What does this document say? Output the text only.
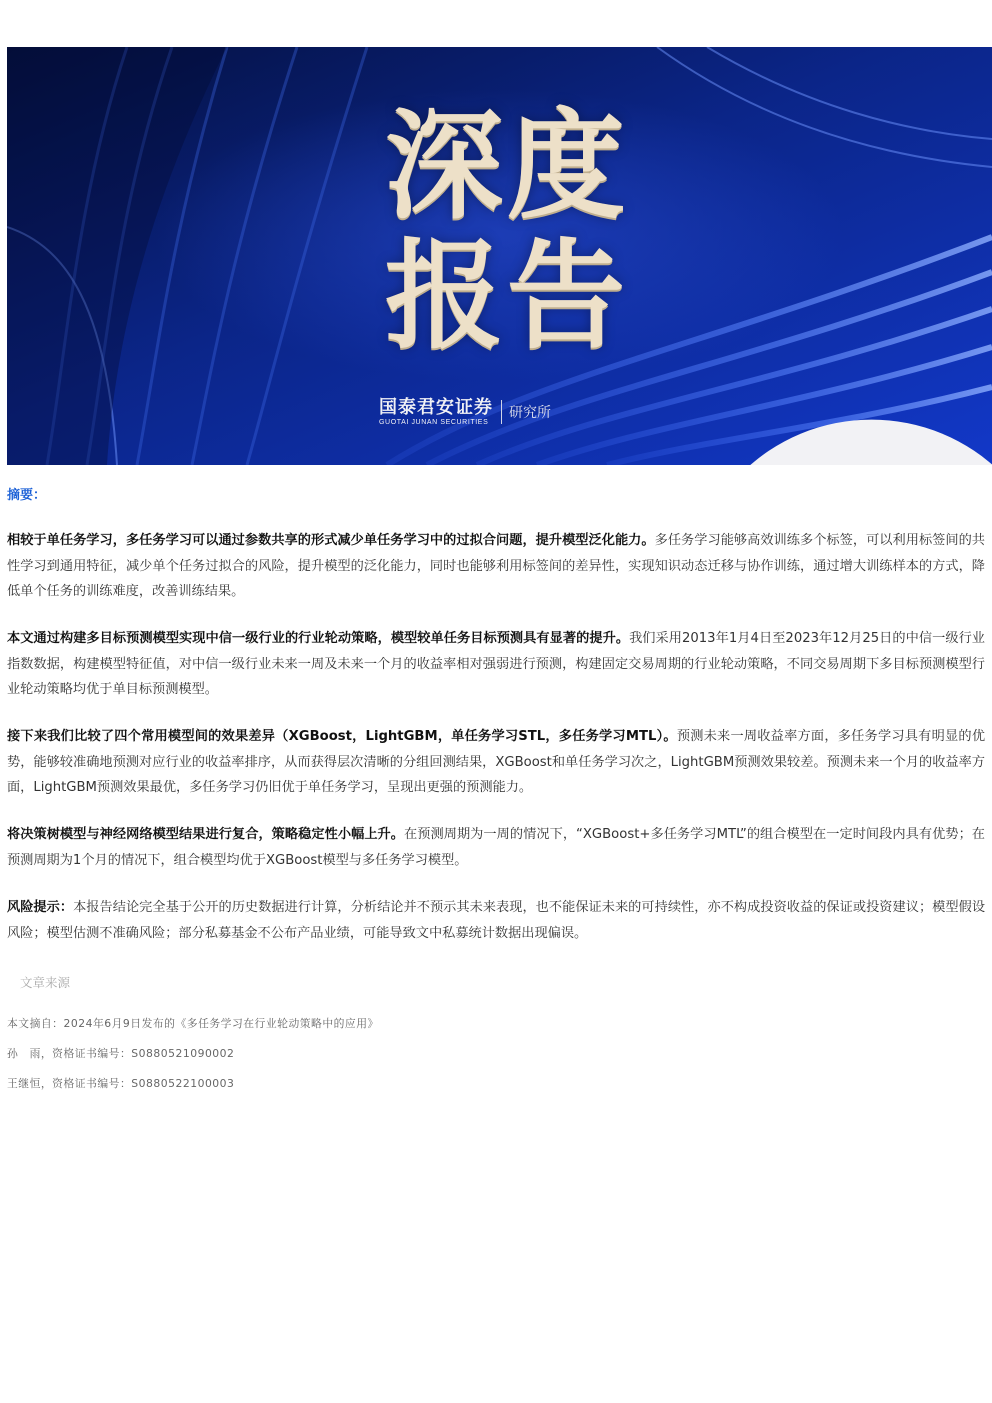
深度
报告
国泰君安证券
GUOTAI JUNAN SECURITIES
研究所
摘要：
相较于单任务学习，多任务学习可以通过参数共享的形式减少单任务学习中的过拟合问题，提升模型泛化能力。多任务学习能够高效训练多个标签，可以利用标签间的共性学习到通用特征，减少单个任务过拟合的风险，提升模型的泛化能力，同时也能够利用标签间的差异性，实现知识动态迁移与协作训练，通过增大训练样本的方式，降低单个任务的训练难度，改善训练结果。
本文通过构建多目标预测模型实现中信一级行业的行业轮动策略，模型较单任务目标预测具有显著的提升。我们采用2013年1月4日至2023年12月25日的中信一级行业指数数据，构建模型特征值，对中信一级行业未来一周及未来一个月的收益率相对强弱进行预测，构建固定交易周期的行业轮动策略，不同交易周期下多目标预测模型行业轮动策略均优于单目标预测模型。
接下来我们比较了四个常用模型间的效果差异（XGBoost，LightGBM，单任务学习STL，多任务学习MTL）。预测未来一周收益率方面，多任务学习具有明显的优势，能够较准确地预测对应行业的收益率排序，从而获得层次清晰的分组回测结果，XGBoost和单任务学习次之，LightGBM预测效果较差。预测未来一个月的收益率方面，LightGBM预测效果最优，多任务学习仍旧优于单任务学习，呈现出更强的预测能力。
将决策树模型与神经网络模型结果进行复合，策略稳定性小幅上升。在预测周期为一周的情况下，“XGBoost+多任务学习MTL”的组合模型在一定时间段内具有优势；在预测周期为1个月的情况下，组合模型均优于XGBoost模型与多任务学习模型。
风险提示：本报告结论完全基于公开的历史数据进行计算，分析结论并不预示其未来表现，也不能保证未来的可持续性，亦不构成投资收益的保证或投资建议；模型假设风险；模型估测不准确风险；部分私募基金不公布产品业绩，可能导致文中私募统计数据出现偏误。
文章来源
本文摘自：2024年6月9日发布的《多任务学习在行业轮动策略中的应用》
孙　雨，资格证书编号：S0880521090002
王继恒，资格证书编号：S0880522100003
